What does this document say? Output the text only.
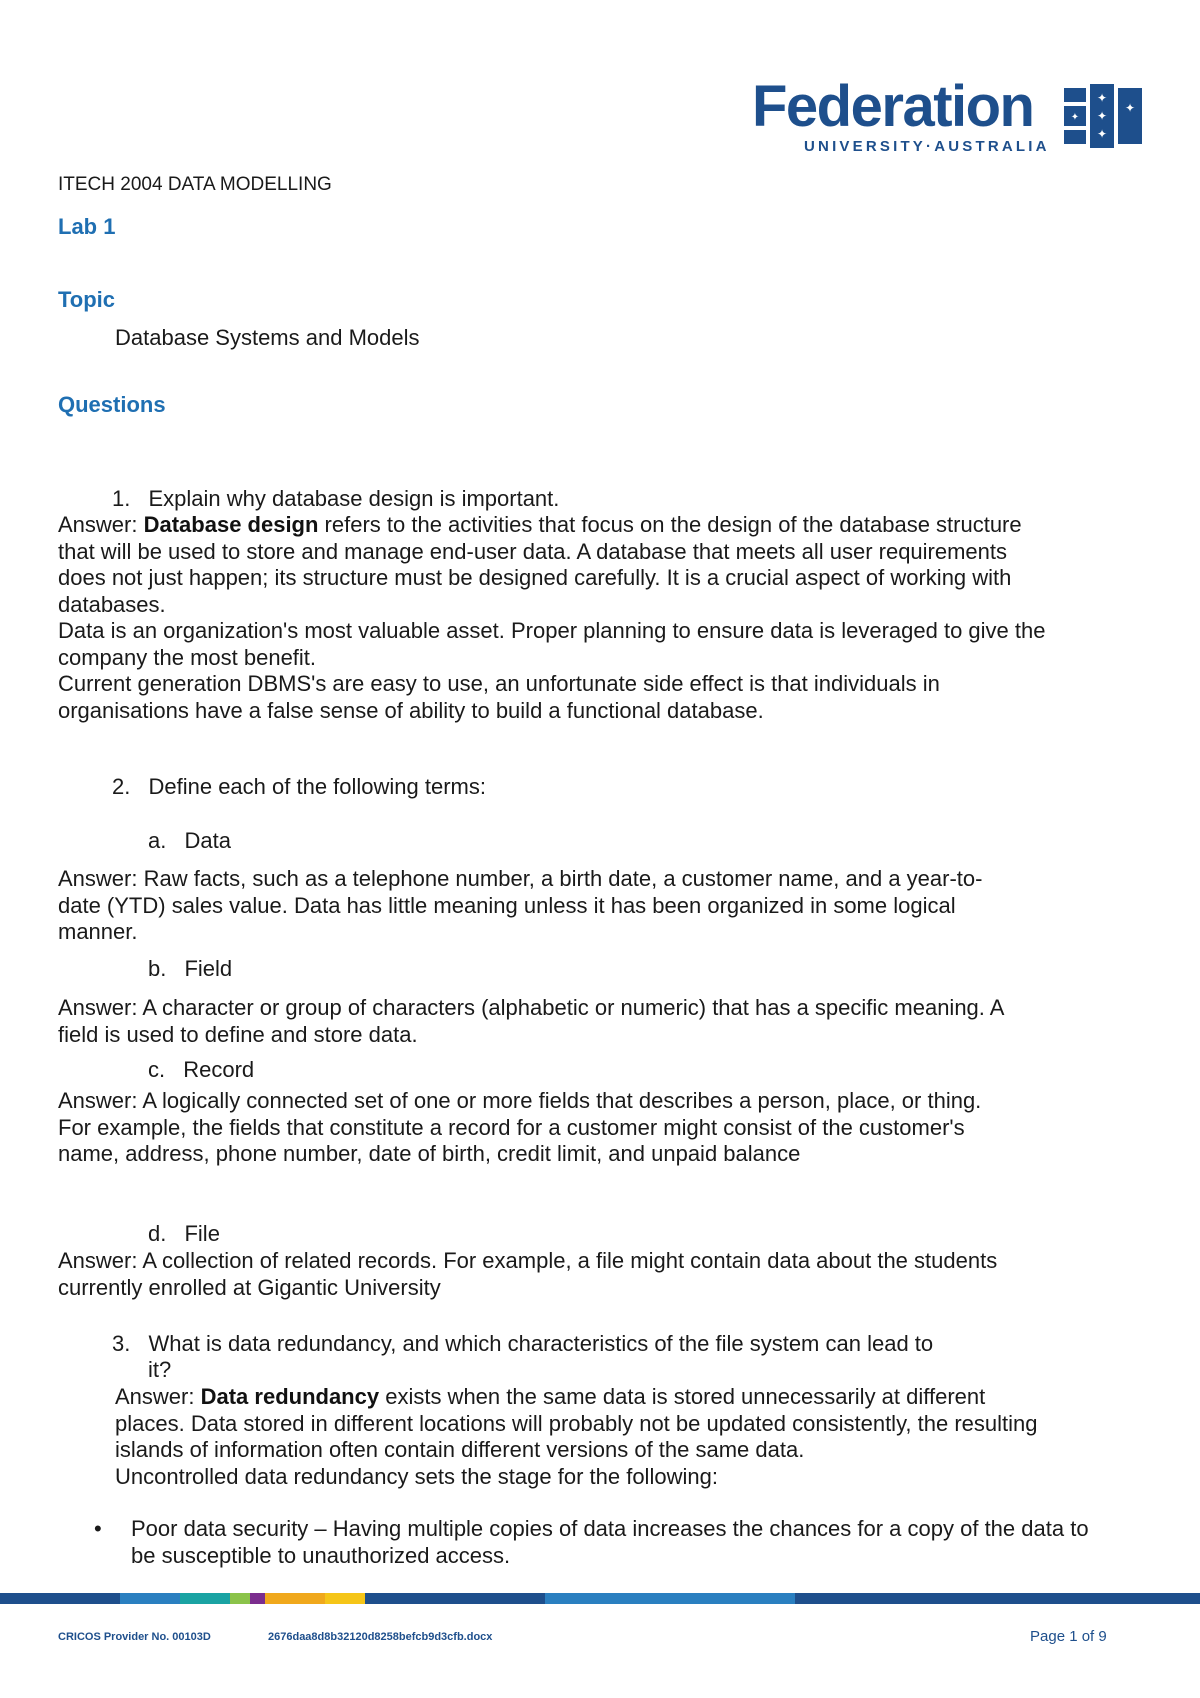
Federation
UNIVERSITY·AUSTRALIA
✦
✦
✦
✦
✦
ITECH 2004 DATA MODELLING
Lab 1
Topic
Database Systems and Models
Questions
1. Explain why database design is important.
Answer: Database design refers to the activities that focus on the design of the database structure that will be used to store and manage end-user data. A database that meets all user requirements does not just happen; its structure must be designed carefully. It is a crucial aspect of working with databases.
Data is an organization's most valuable asset. Proper planning to ensure data is leveraged to give the company the most benefit.
Current generation DBMS's are easy to use, an unfortunate side effect is that individuals in organisations have a false sense of ability to build a functional database.
2. Define each of the following terms:
a. Data
Answer: Raw facts, such as a telephone number, a birth date, a customer name, and a year-to-date (YTD) sales value. Data has little meaning unless it has been organized in some logical manner.
b. Field
Answer: A character or group of characters (alphabetic or numeric) that has a specific meaning. A field is used to define and store data.
c. Record
Answer: A logically connected set of one or more fields that describes a person, place, or thing. For example, the fields that constitute a record for a customer might consist of the customer's name, address, phone number, date of birth, credit limit, and unpaid balance
d. File
Answer: A collection of related records. For example, a file might contain data about the students currently enrolled at Gigantic University
3. What is data redundancy, and which characteristics of the file system can lead to
it?
Answer: Data redundancy exists when the same data is stored unnecessarily at different places. Data stored in different locations will probably not be updated consistently, the resulting islands of information often contain different versions of the same data.
Uncontrolled data redundancy sets the stage for the following:
• Poor data security – Having multiple copies of data increases the chances for a copy of the data to be susceptible to unauthorized access.
CRICOS Provider No. 00103D	2676daa8d8b32120d8258befcb9d3cfb.docx	Page 1 of 9
